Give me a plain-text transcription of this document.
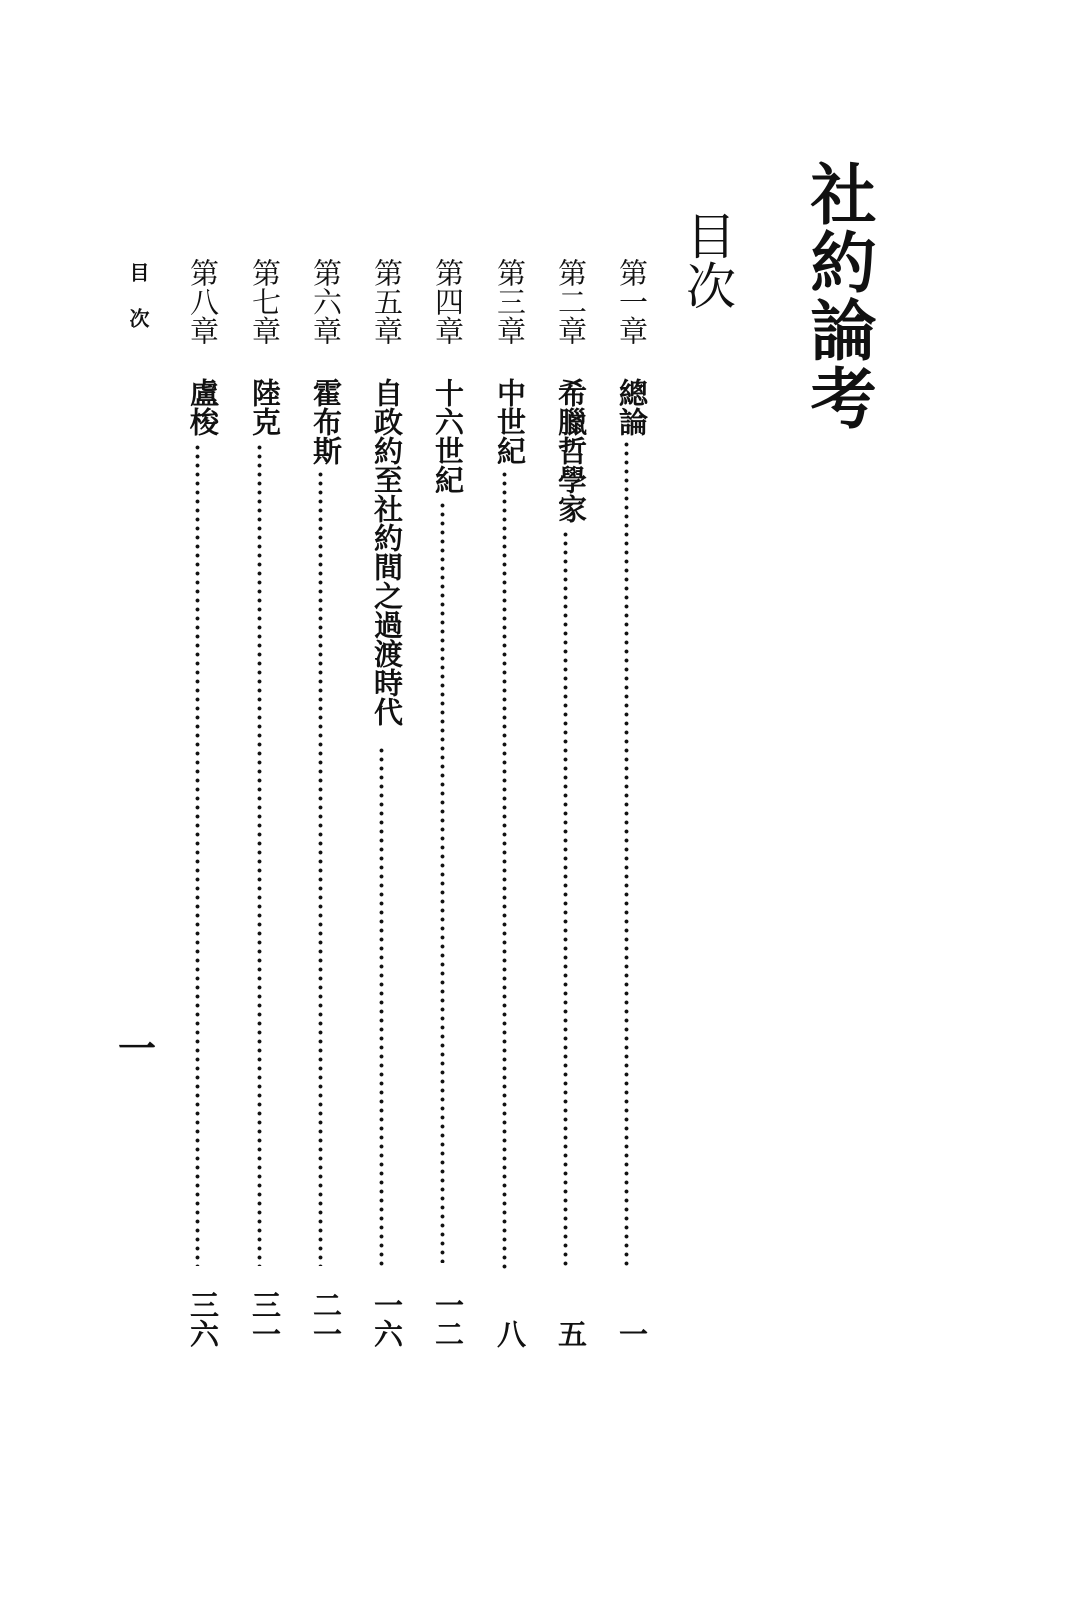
社約論考
目次
第一章
總論
一
第二章
希臘哲學家
五
第三章
中世紀
八
第四章
十六世紀
一二
第五章
自政約至社約間之過渡時代
一六
第六章
霍布斯
二一
第七章
陸克
三一
第八章
盧梭
三六
目次
一
